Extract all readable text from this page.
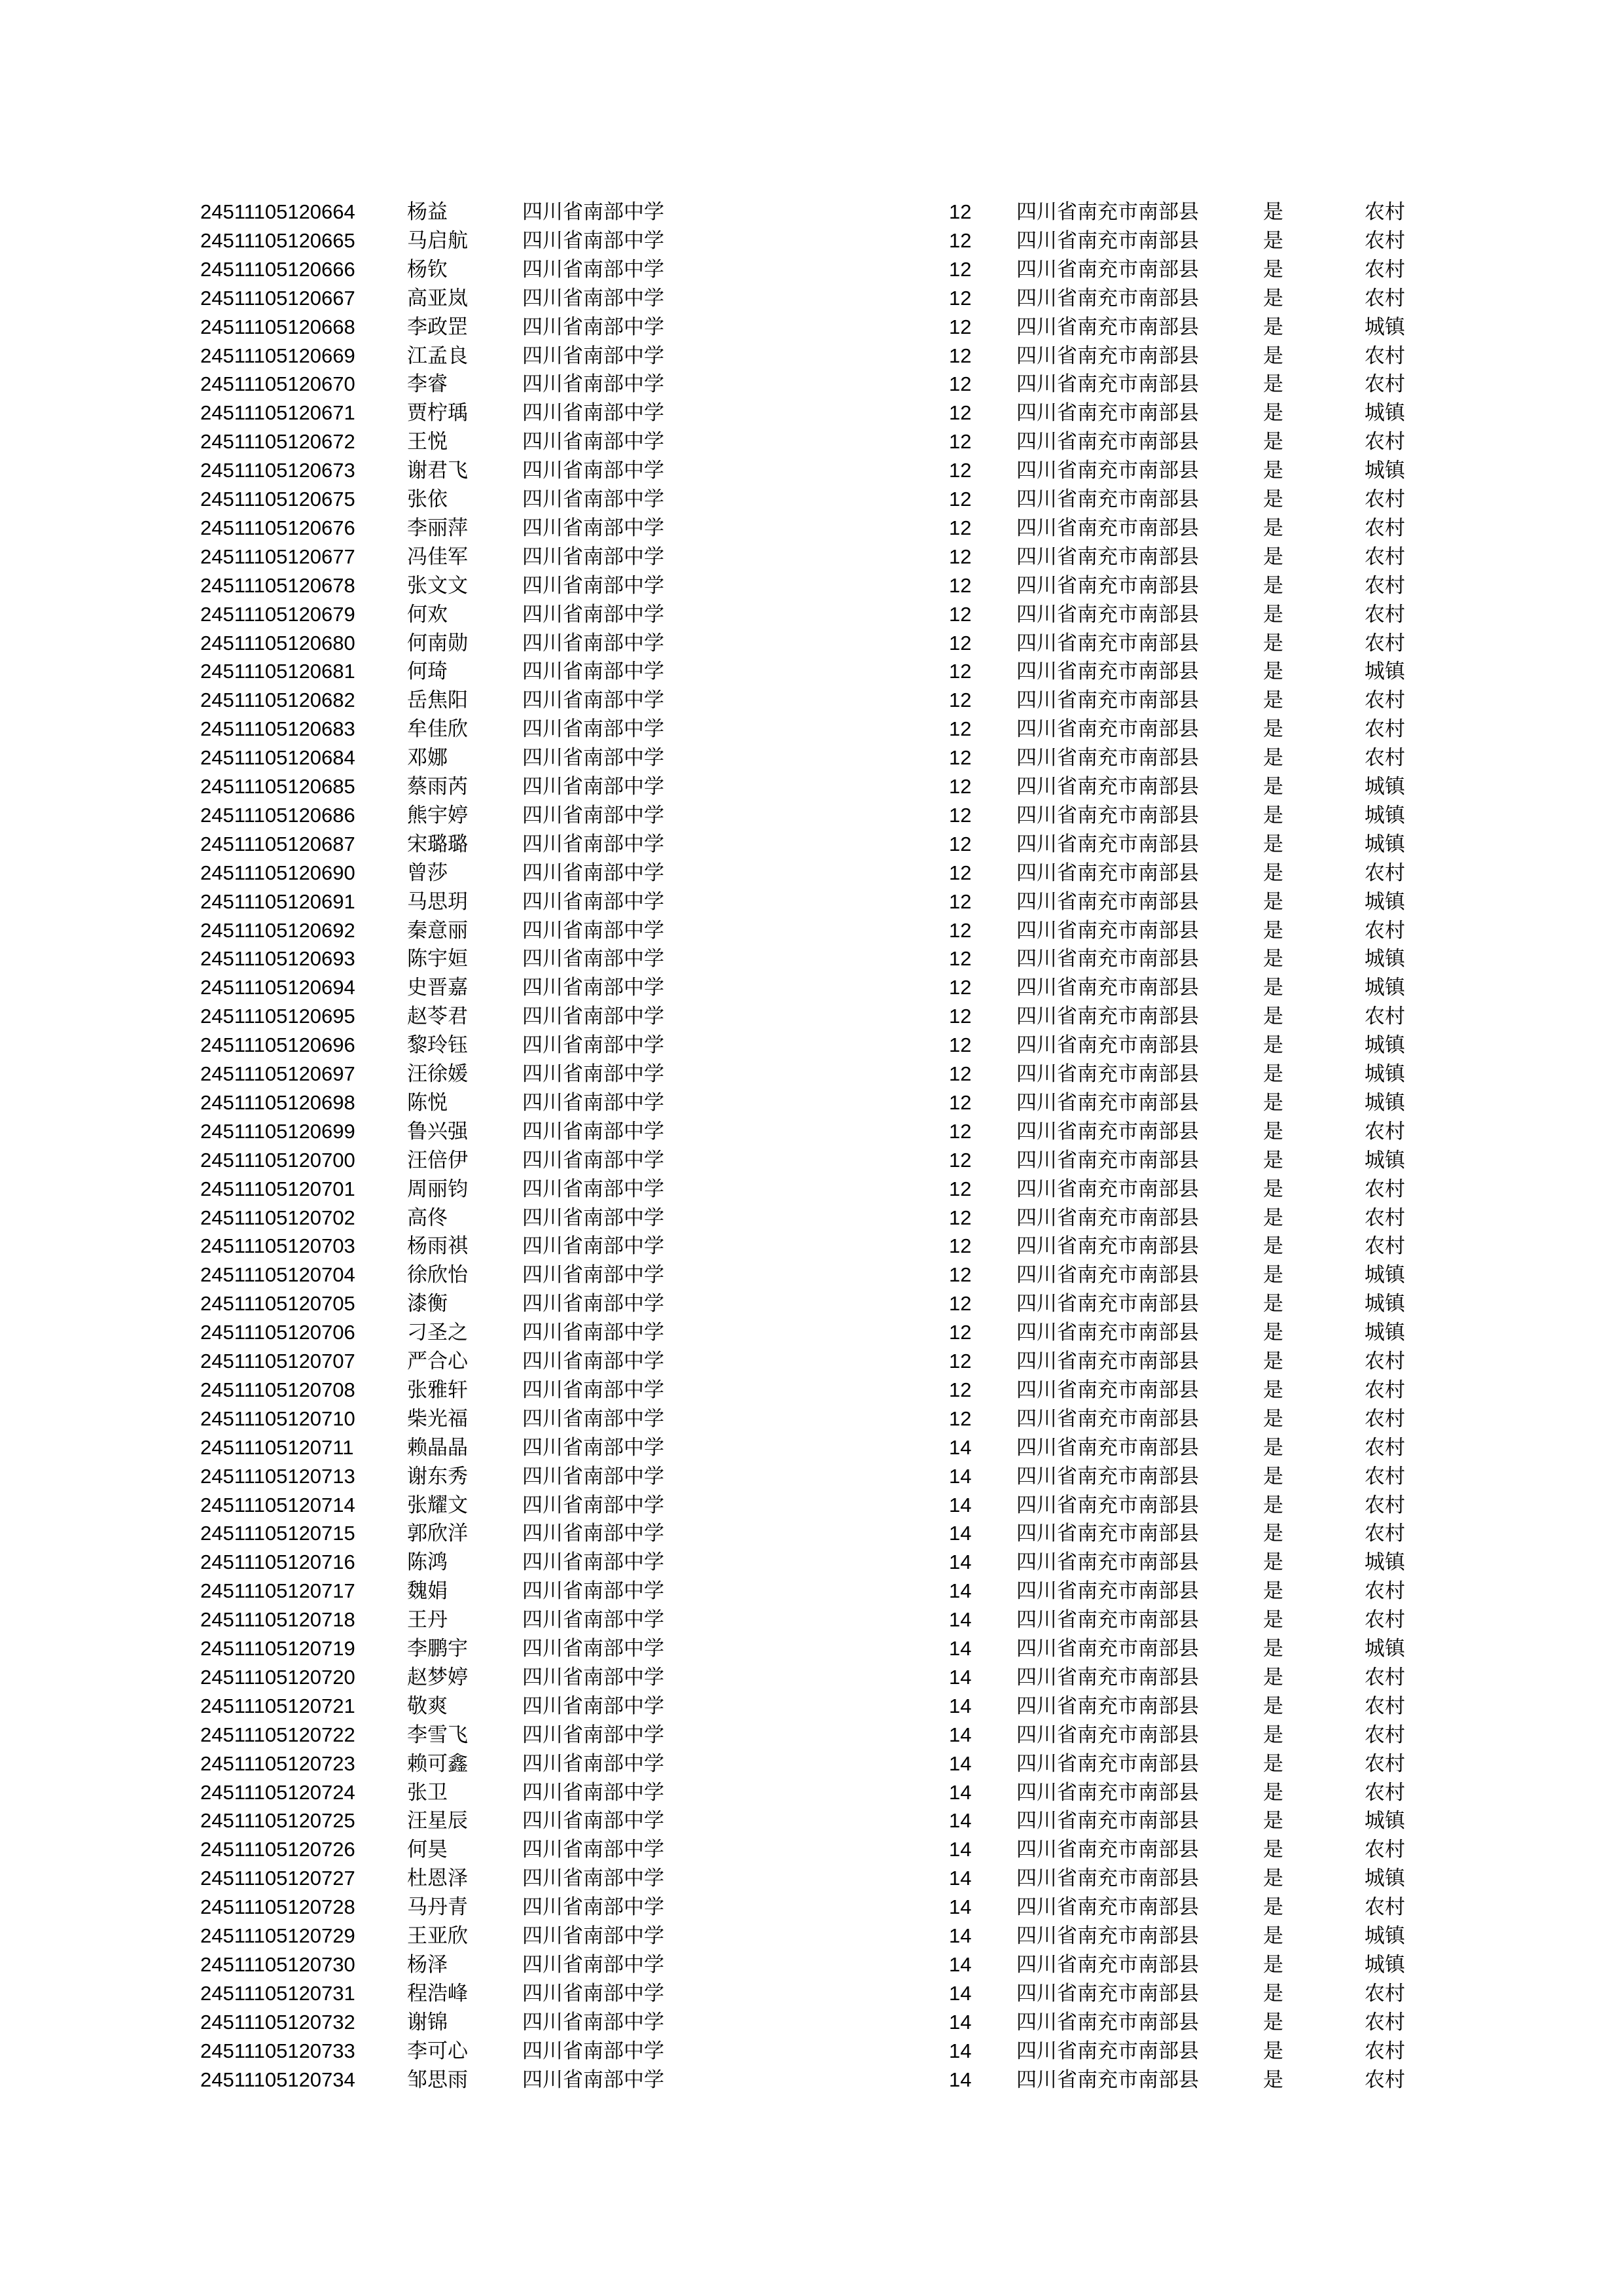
24511105120664	杨益	四川省南部中学	12 四川省南充市南部县	是	农村
24511105120665	马启航	四川省南部中学	12 四川省南充市南部县	是	农村
24511105120666	杨钦	四川省南部中学	12 四川省南充市南部县	是	农村
24511105120667	高亚岚	四川省南部中学	12 四川省南充市南部县	是	农村
24511105120668	李政罡	四川省南部中学	12 四川省南充市南部县	是	城镇
24511105120669	江孟良	四川省南部中学	12 四川省南充市南部县	是	农村
24511105120670	李睿	四川省南部中学	12 四川省南充市南部县	是	农村
24511105120671	贾柠瑀	四川省南部中学	12 四川省南充市南部县	是	城镇
24511105120672	王悦	四川省南部中学	12 四川省南充市南部县	是	农村
24511105120673	谢君飞	四川省南部中学	12 四川省南充市南部县	是	城镇
24511105120675	张依	四川省南部中学	12 四川省南充市南部县	是	农村
24511105120676	李丽萍	四川省南部中学	12 四川省南充市南部县	是	农村
24511105120677	冯佳军	四川省南部中学	12 四川省南充市南部县	是	农村
24511105120678	张文文	四川省南部中学	12 四川省南充市南部县	是	农村
24511105120679	何欢	四川省南部中学	12 四川省南充市南部县	是	农村
24511105120680	何南勋	四川省南部中学	12 四川省南充市南部县	是	农村
24511105120681	何琦	四川省南部中学	12 四川省南充市南部县	是	城镇
24511105120682	岳焦阳	四川省南部中学	12 四川省南充市南部县	是	农村
24511105120683	牟佳欣	四川省南部中学	12 四川省南充市南部县	是	农村
24511105120684	邓娜	四川省南部中学	12 四川省南充市南部县	是	农村
24511105120685	蔡雨芮	四川省南部中学	12 四川省南充市南部县	是	城镇
24511105120686	熊宇婷	四川省南部中学	12 四川省南充市南部县	是	城镇
24511105120687	宋璐璐	四川省南部中学	12 四川省南充市南部县	是	城镇
24511105120690	曾莎	四川省南部中学	12 四川省南充市南部县	是	农村
24511105120691	马思玥	四川省南部中学	12 四川省南充市南部县	是	城镇
24511105120692	秦意丽	四川省南部中学	12 四川省南充市南部县	是	农村
24511105120693	陈宇姮	四川省南部中学	12 四川省南充市南部县	是	城镇
24511105120694	史晋嘉	四川省南部中学	12 四川省南充市南部县	是	城镇
24511105120695	赵苓君	四川省南部中学	12 四川省南充市南部县	是	农村
24511105120696	黎玲钰	四川省南部中学	12 四川省南充市南部县	是	城镇
24511105120697	汪徐媛	四川省南部中学	12 四川省南充市南部县	是	城镇
24511105120698	陈悦	四川省南部中学	12 四川省南充市南部县	是	城镇
24511105120699	鲁兴强	四川省南部中学	12 四川省南充市南部县	是	农村
24511105120700	汪倍伊	四川省南部中学	12 四川省南充市南部县	是	城镇
24511105120701	周丽钧	四川省南部中学	12 四川省南充市南部县	是	农村
24511105120702	高佟	四川省南部中学	12 四川省南充市南部县	是	农村
24511105120703	杨雨祺	四川省南部中学	12 四川省南充市南部县	是	农村
24511105120704	徐欣怡	四川省南部中学	12 四川省南充市南部县	是	城镇
24511105120705	漆衡	四川省南部中学	12 四川省南充市南部县	是	城镇
24511105120706	刁圣之	四川省南部中学	12 四川省南充市南部县	是	城镇
24511105120707	严合心	四川省南部中学	12 四川省南充市南部县	是	农村
24511105120708	张雅轩	四川省南部中学	12 四川省南充市南部县	是	农村
24511105120710	柴光福	四川省南部中学	12 四川省南充市南部县	是	农村
24511105120711	赖晶晶	四川省南部中学	14 四川省南充市南部县	是	农村
24511105120713	谢东秀	四川省南部中学	14 四川省南充市南部县	是	农村
24511105120714	张耀文	四川省南部中学	14 四川省南充市南部县	是	农村
24511105120715	郭欣洋	四川省南部中学	14 四川省南充市南部县	是	农村
24511105120716	陈鸿	四川省南部中学	14 四川省南充市南部县	是	城镇
24511105120717	魏娟	四川省南部中学	14 四川省南充市南部县	是	农村
24511105120718	王丹	四川省南部中学	14 四川省南充市南部县	是	农村
24511105120719	李鹏宇	四川省南部中学	14 四川省南充市南部县	是	城镇
24511105120720	赵梦婷	四川省南部中学	14 四川省南充市南部县	是	农村
24511105120721	敬爽	四川省南部中学	14 四川省南充市南部县	是	农村
24511105120722	李雪飞	四川省南部中学	14 四川省南充市南部县	是	农村
24511105120723	赖可鑫	四川省南部中学	14 四川省南充市南部县	是	农村
24511105120724	张卫	四川省南部中学	14 四川省南充市南部县	是	农村
24511105120725	汪星辰	四川省南部中学	14 四川省南充市南部县	是	城镇
24511105120726	何昊	四川省南部中学	14 四川省南充市南部县	是	农村
24511105120727	杜恩泽	四川省南部中学	14 四川省南充市南部县	是	城镇
24511105120728	马丹青	四川省南部中学	14 四川省南充市南部县	是	农村
24511105120729	王亚欣	四川省南部中学	14 四川省南充市南部县	是	城镇
24511105120730	杨泽	四川省南部中学	14 四川省南充市南部县	是	城镇
24511105120731	程浩峰	四川省南部中学	14 四川省南充市南部县	是	农村
24511105120732	谢锦	四川省南部中学	14 四川省南充市南部县	是	农村
24511105120733	李可心	四川省南部中学	14 四川省南充市南部县	是	农村
24511105120734	邹思雨	四川省南部中学	14 四川省南充市南部县	是	农村
